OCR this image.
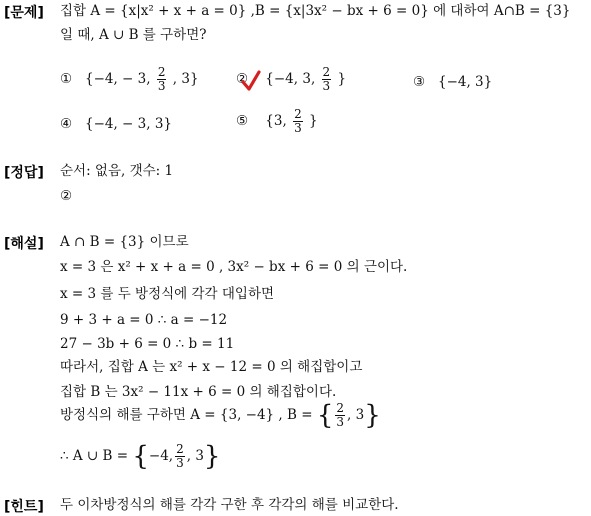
[문제] 집합 A = {x|x² + x + a = 0} ,B = {x|3x² − bx + 6 = 0} 에 대하여 A∩B = {3}
일 때, A ∪ B 를 구하면?
① {−4, − 3, $\frac{2}{3}$ , 3}	② {−4, 3, $\frac{2}{3}$ }	③ {−4, 3}
④ {−4, − 3, 3}	⑤ {3, $\frac{2}{3}$ }
[정답] 순서: 없음, 갯수: 1
②
[해설] A ∩ B = {3} 이므로
x = 3 은 x² + x + a = 0 , 3x² − bx + 6 = 0 의 근이다.
x = 3 를 두 방정식에 각각 대입하면
9 + 3 + a = 0 ∴ a = −12
27 − 3b + 6 = 0 ∴ b = 11
따라서, 집합 A 는 x² + x − 12 = 0 의 해집합이고
집합 B 는 3x² − 11x + 6 = 0 의 해집합이다.
방정식의 해를 구하면 A = {3, −4} , B = { $\frac{2}{3}$ , 3}
∴ A ∪ B = {−4, $\frac{2}{3}$ , 3}
[힌트] 두 이차방정식의 해를 각각 구한 후 각각의 해를 비교한다.
